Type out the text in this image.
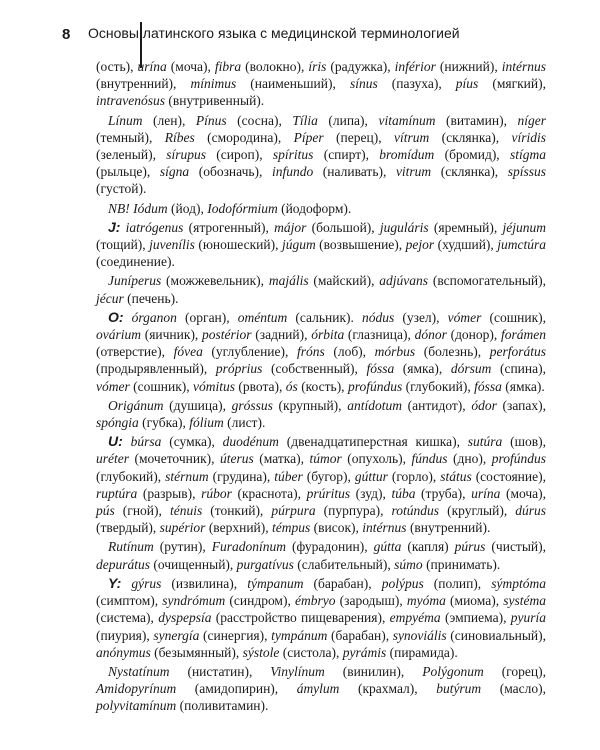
8	Основы латинского языка с медицинской терминологией

(ость), urína (моча), fibra (волокно), íris (радужка), inférior (нижний), intérnus (внутренний), mínimus (наименьший), sínus (пазуха), píus (мягкий), intravenósus (внутривенный).

Línum (лен), Pínus (сосна), Tília (липа), vitamínum (витамин), níger (темный), Ríbes (смородина), Píper (перец), vítrum (склянка), víridis (зеленый), sírupus (сироп), spíritus (спирт), bromídum (бромид), stígma (рыльце), sígna (обозначь), infundo (наливать), vitrum (склянка), spíssus (густой).

NB! Iódum (йод), Iodofórmium (йодоформ).

J: iatrógenus (ятрогенный), májor (большой), juguláris (яремный), jéjunum (тощий), juvenílis (юношеский), júgum (возвышение), pejor (худший), jumctúra (соединение).

Juníperus (можжевельник), majális (майский), adjúvans (вспомогательный), jécur (печень).

O: órganon (орган), oméntum (сальник). nódus (узел), vómer (сошник), ovárium (яичник), postérior (задний), órbita (глазница), dónor (донор), forámen (отверстие), fóvea (углубление), fróns (лоб), mórbus (болезнь), perforátus (продырявленный), próprius (собственный), fóssa (ямка), dórsum (спина), vómer (сошник), vómitus (рвота), ós (кость), profúndus (глубокий), fóssa (ямка).

Origánum (душица), gróssus (крупный), antídotum (антидот), ódor (запах), spóngia (губка), fólium (лист).

U: búrsa (сумка), duodénum (двенадцатиперстная кишка), sutúra (шов), uréter (мочеточник), úterus (матка), túmor (опухоль), fúndus (дно), profúndus (глубокий), stérnum (грудина), túber (бугор), gúttur (горло), státus (состояние), ruptúra (разрыв), rúbor (краснота), prúritus (зуд), túba (труба), urína (моча), pús (гной), ténuis (тонкий), púrpura (пурпура), rotúndus (круглый), dúrus (твердый), supérior (верхний), témpus (висок), intérnus (внутренний).

Rutínum (рутин), Furadonínum (фурадонин), gútta (капля) púrus (чистый), depurátus (очищенный), purgatívus (слабительный), súmo (принимать).

Y: gýrus (извилина), týmpanum (барабан), polýpus (полип), sýmptóma (симптом), syndrómum (синдром), émbryo (зародыш), myóma (миома), systéma (система), dyspepsía (расстройство пищеварения), empyéma (эмпиема), pyuría (пиурия), synergía (синергия), tympánum (барабан), synoviális (синовиальный), anónymus (безымянный), sýstole (систола), pyrámis (пирамида).

Nystatínum (нистатин), Vinylínum (винилин), Polýgonum (горец), Amidopyrínum (амидопирин), ámylum (крахмал), butýrum (масло), polyvitamínum (поливитамин).
